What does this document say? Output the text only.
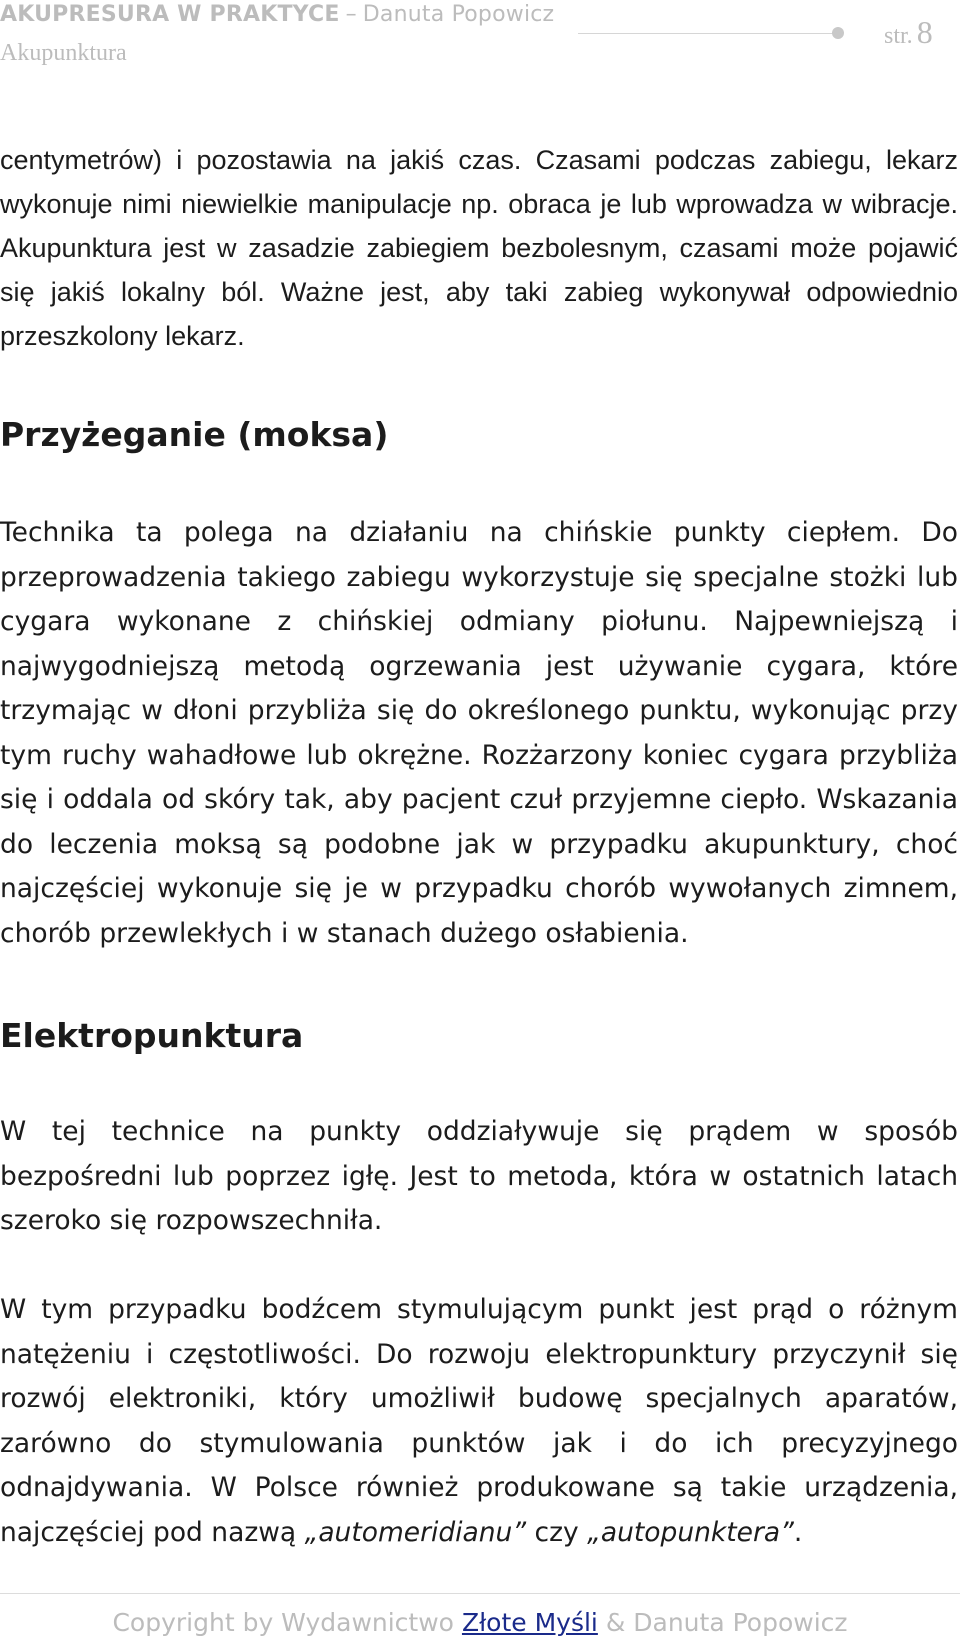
AKUPRESURA W PRAKTYCE – Danuta Popowicz
str. 8
Akupunktura

centymetrów) i pozostawia na jakiś czas. Czasami podczas zabiegu, lekarz wykonuje nimi niewielkie manipulacje np. obraca je lub wprowadza w wibracje. Akupunktura jest w zasadzie zabiegiem bezbolesnym, czasami może pojawić się jakiś lokalny ból. Ważne jest, aby taki zabieg wykonywał odpowiednio przeszkolony lekarz.

Przyżeganie (moksa)

Technika ta polega na działaniu na chińskie punkty ciepłem. Do przeprowadzenia takiego zabiegu wykorzystuje się specjalne stożki lub cygara wykonane z chińskiej odmiany piołunu. Najpewniejszą i najwygodniejszą metodą ogrzewania jest używanie cygara, które trzymając w dłoni przybliża się do określonego punktu, wykonując przy tym ruchy wahadłowe lub okrężne. Rozżarzony koniec cygara przybliża się i oddala od skóry tak, aby pacjent czuł przyjemne ciepło. Wskazania do leczenia moksą są podobne jak w przypadku akupunktury, choć najczęściej wykonuje się je w przypadku chorób wywołanych zimnem, chorób przewlekłych i w stanach dużego osłabienia.

Elektropunktura

W tej technice na punkty oddziaływuje się prądem w sposób bezpośredni lub poprzez igłę. Jest to metoda, która w ostatnich latach szeroko się rozpowszechniła.

W tym przypadku bodźcem stymulującym punkt jest prąd o różnym natężeniu i częstotliwości. Do rozwoju elektropunktury przyczynił się rozwój elektroniki, który umożliwił budowę specjalnych aparatów, zarówno do stymulowania punktów jak i do ich precyzyjnego odnajdywania. W Polsce również produkowane są takie urządzenia, najczęściej pod nazwą „automeridianu” czy „autopunktera”.

Copyright by Wydawnictwo Złote Myśli & Danuta Popowicz
